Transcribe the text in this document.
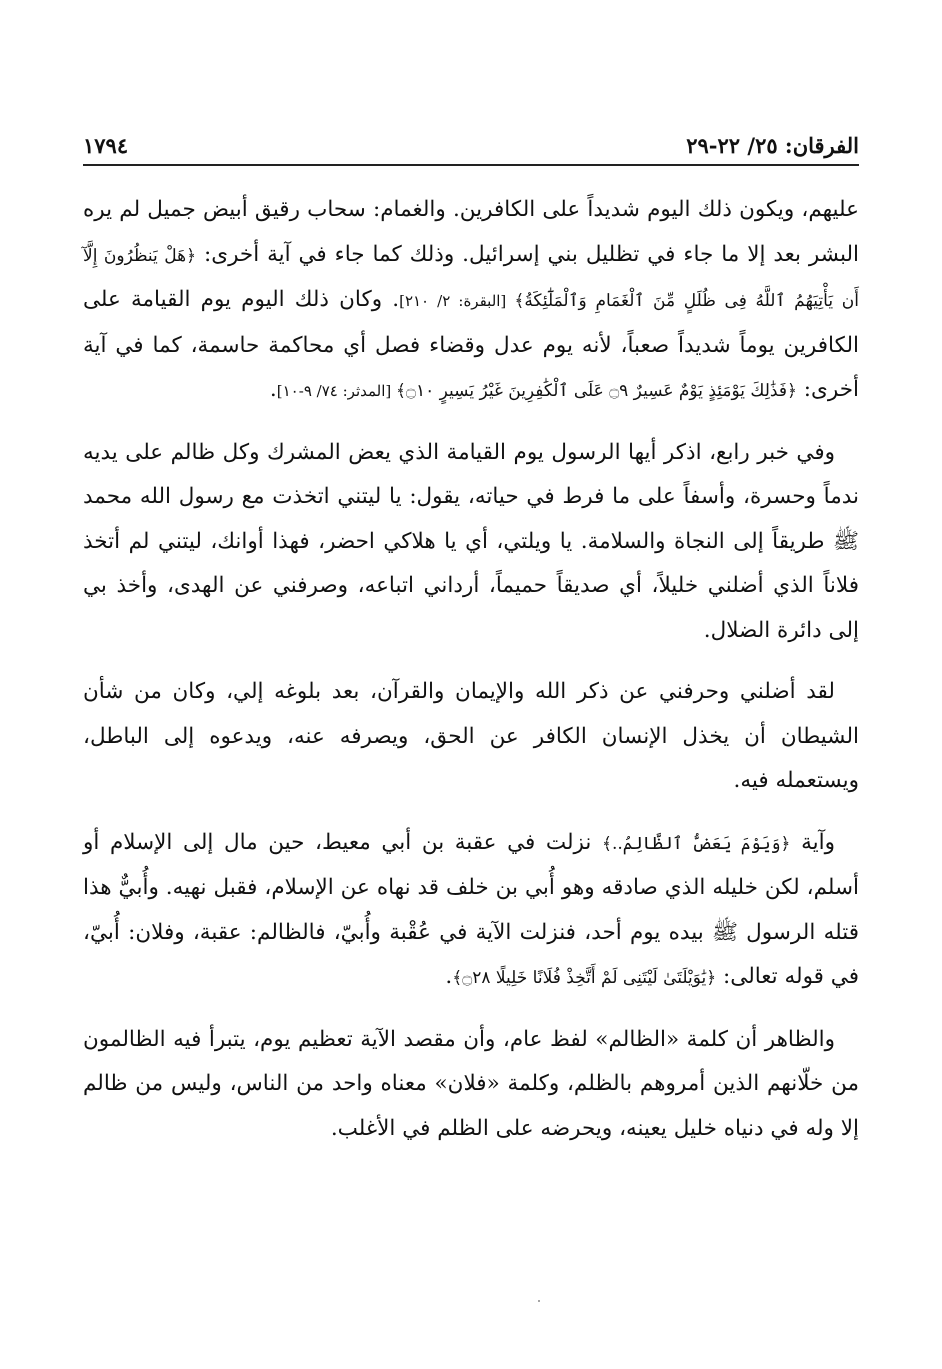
الفرقان: ٢٥/ ٢٢-٢٩
١٧٩٤

عليهم، ويكون ذلك اليوم شديداً على الكافرين. والغمام: سحاب رقيق أبيض جميل لم يره البشر بعد إلا ما جاء في تظليل بني إسرائيل. وذلك كما جاء في آية أخرى: ﴿هَلْ يَنظُرُونَ إِلَّآ أَن يَأْتِيَهُمُ ٱللَّهُ فِى ظُلَلٍ مِّنَ ٱلْغَمَامِ وَٱلْمَلَٰٓئِكَةُ﴾ [البقرة: ٢/ ٢١٠]. وكان ذلك اليوم يوم القيامة على الكافرين يوماً شديداً صعباً، لأنه يوم عدل وقضاء فصل أي محاكمة حاسمة، كما في آية أخرى: ﴿فَذَٰلِكَ يَوْمَئِذٍ يَوْمٌ عَسِيرٌ ۝٩ عَلَى ٱلْكَٰفِرِينَ غَيْرُ يَسِيرٍ ۝١٠﴾ [المدثر: ٧٤/ ٩-١٠].

وفي خبر رابع، اذكر أيها الرسول يوم القيامة الذي يعض المشرك وكل ظالم على يديه ندماً وحسرة، وأسفاً على ما فرط في حياته، يقول: يا ليتني اتخذت مع رسول الله محمد ﷺ طريقاً إلى النجاة والسلامة. يا ويلتي، أي يا هلاكي احضر، فهذا أوانك، ليتني لم أتخذ فلاناً الذي أضلني خليلاً، أي صديقاً حميماً، أرداني اتباعه، وصرفني عن الهدى، وأخذ بي إلى دائرة الضلال.

لقد أضلني وحرفني عن ذكر الله والإيمان والقرآن، بعد بلوغه إلي، وكان من شأن الشيطان أن يخذل الإنسان الكافر عن الحق، ويصرفه عنه، ويدعوه إلى الباطل، ويستعمله فيه.

وآية ﴿وَيَوْمَ يَعَضُّ ٱلظَّالِمُ..﴾ نزلت في عقبة بن أبي معيط، حين مال إلى الإسلام أو أسلم، لكن خليله الذي صادقه وهو أُبي بن خلف قد نهاه عن الإسلام، فقبل نهيه. وأُبيٌّ هذا قتله الرسول ﷺ بيده يوم أحد، فنزلت الآية في عُقْبة وأُبيّ، فالظالم: عقبة، وفلان: أُبيّ، في قوله تعالى: ﴿يَٰوَيْلَتَىٰ لَيْتَنِى لَمْ أَتَّخِذْ فُلَانًا خَلِيلًا ۝٢٨﴾.

والظاهر أن كلمة «الظالم» لفظ عام، وأن مقصد الآية تعظيم يوم، يتبرأ فيه الظالمون من خلّانهم الذين أمروهم بالظلم، وكلمة «فلان» معناه واحد من الناس، وليس من ظالم إلا وله في دنياه خليل يعينه، ويحرضه على الظلم في الأغلب.
